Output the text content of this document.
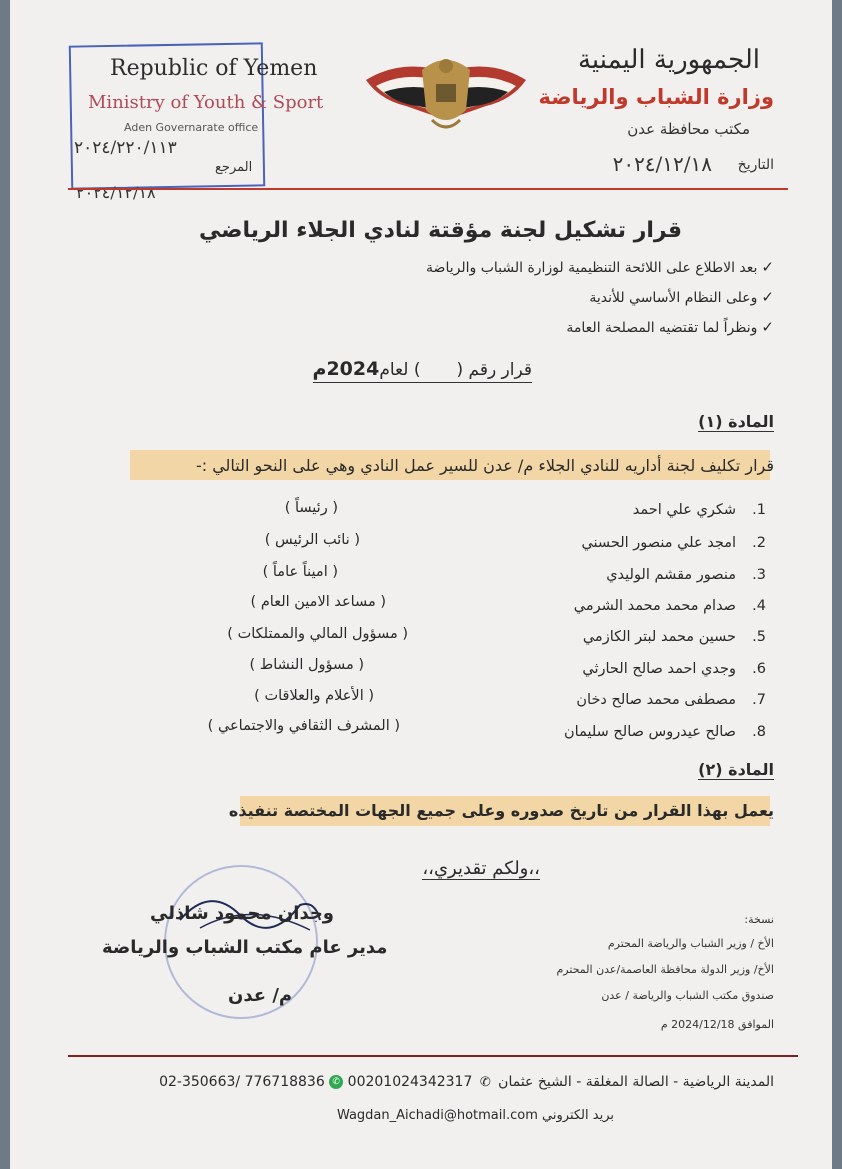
Republic of Yemen
Ministry of Youth & Sport
Aden Governarate office
٢٠٢٤/٢٢٠/١١٣
المرجع
٢٠٢٤/١٢/١٨
الجمهورية اليمنية
وزارة الشباب والرياضة
مكتب محافظة عدن
التاريخ
٢٠٢٤/١٢/١٨
قرار تشكيل لجنة مؤقتة لنادي الجلاء الرياضي
✓بعد الاطلاع على اللائحة التنظيمية لوزارة الشباب والرياضة
✓وعلى النظام الأساسي للأندية
✓ونظراً لما تقتضيه المصلحة العامة
قرار رقم () لعام2024م
المادة (١)
قرار تكليف لجنة أداريه للنادي الجلاء م/ عدن للسير عمل النادي وهي على النحو التالي :-
1.شكري علي احمد
( رئيساً )
2.امجد علي منصور الحسني
( نائب الرئيس )
3.منصور مقشم الوليدي
( اميناً عاماً )
4.صدام محمد محمد الشرمي
( مساعد الامين العام )
5.حسين محمد لبتر الكازمي
( مسؤول المالي والممتلكات )
6.وجدي احمد صالح الحارثي
( مسؤول النشاط )
7.مصطفى محمد صالح دخان
( الأعلام والعلاقات )
8.صالح عيدروس صالح سليمان
( المشرف الثقافي والاجتماعي )
المادة (٢)
يعمل بهذا القرار من تاريخ صدوره وعلى جميع الجهات المختصة تنفيذه
،،ولكم تقديري،،
وجدان محمود شاذلي
مدير عام مكتب الشباب والرياضة
م/ عدن
نسخة:
الأخ / وزير الشباب والرياضة المحترم
الأخ/ وزير الدولة محافظة العاصمة/عدن المحترم
صندوق مكتب الشباب والرياضة / عدن
الموافق 2024/12/18 م
المدينة الرياضية - الصالة المغلقة - الشيخ عثمان ✆ 02-350663/ 776718836 ✆ 00201024342317
بريد الكتروني Wagdan_Aichadi@hotmail.com
